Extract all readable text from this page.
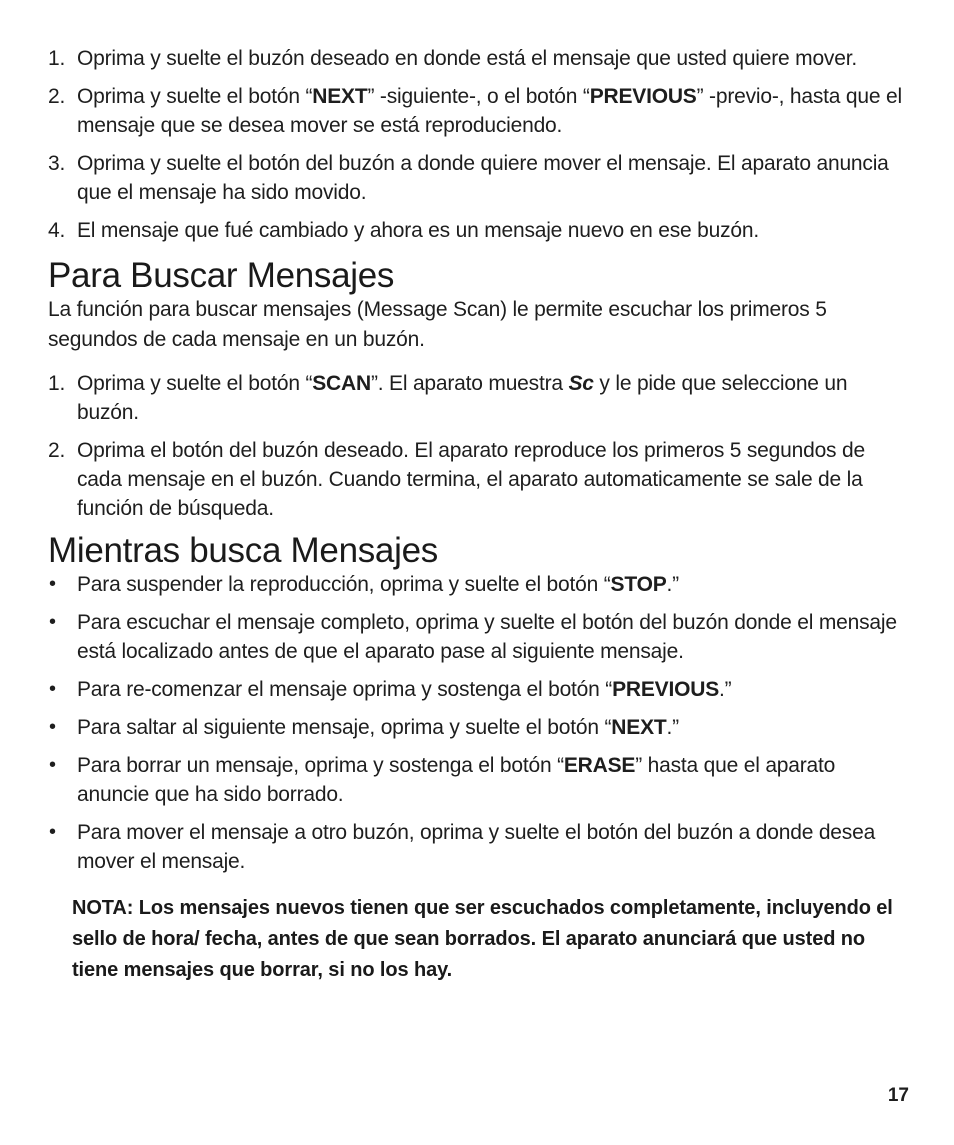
1. Oprima y suelte el buzón deseado en donde está el mensaje que usted quiere mover.
2. Oprima y suelte el botón “NEXT” -siguiente-, o el botón “PREVIOUS” -previo-, hasta que el mensaje que se desea mover se está reproduciendo.
3. Oprima y suelte el botón del buzón a donde quiere mover el mensaje. El aparato anuncia que el mensaje ha sido movido.
4. El mensaje que fué cambiado y ahora es un mensaje nuevo en ese buzón.
Para Buscar Mensajes

La función para buscar mensajes (Message Scan) le permite escuchar los primeros 5 segundos de cada mensaje en un buzón.

1. Oprima y suelte el botón “SCAN”. El aparato muestra Sc y le pide que seleccione un buzón.
2. Oprima el botón del buzón deseado. El aparato reproduce los primeros 5 segundos de cada mensaje en el buzón. Cuando termina, el aparato automaticamente se sale de la función de búsqueda.
Mientras busca Mensajes
• Para suspender la reproducción, oprima y suelte el botón “STOP.”
• Para escuchar el mensaje completo, oprima y suelte el botón del buzón donde el mensaje está localizado antes de que el aparato pase al siguiente mensaje.
• Para re-comenzar el mensaje oprima y sostenga el botón “PREVIOUS.”
• Para saltar al siguiente mensaje, oprima y suelte el botón “NEXT.”
• Para borrar un mensaje, oprima y sostenga el botón “ERASE” hasta que el aparato anuncie que ha sido borrado.
• Para mover el mensaje a otro buzón, oprima y suelte el botón del buzón a donde desea mover el mensaje.

NOTA: Los mensajes nuevos tienen que ser escuchados completamente, incluyendo el sello de hora/ fecha, antes de que sean borrados. El aparato anunciará que usted no tiene mensajes que borrar, si no los hay.

17
